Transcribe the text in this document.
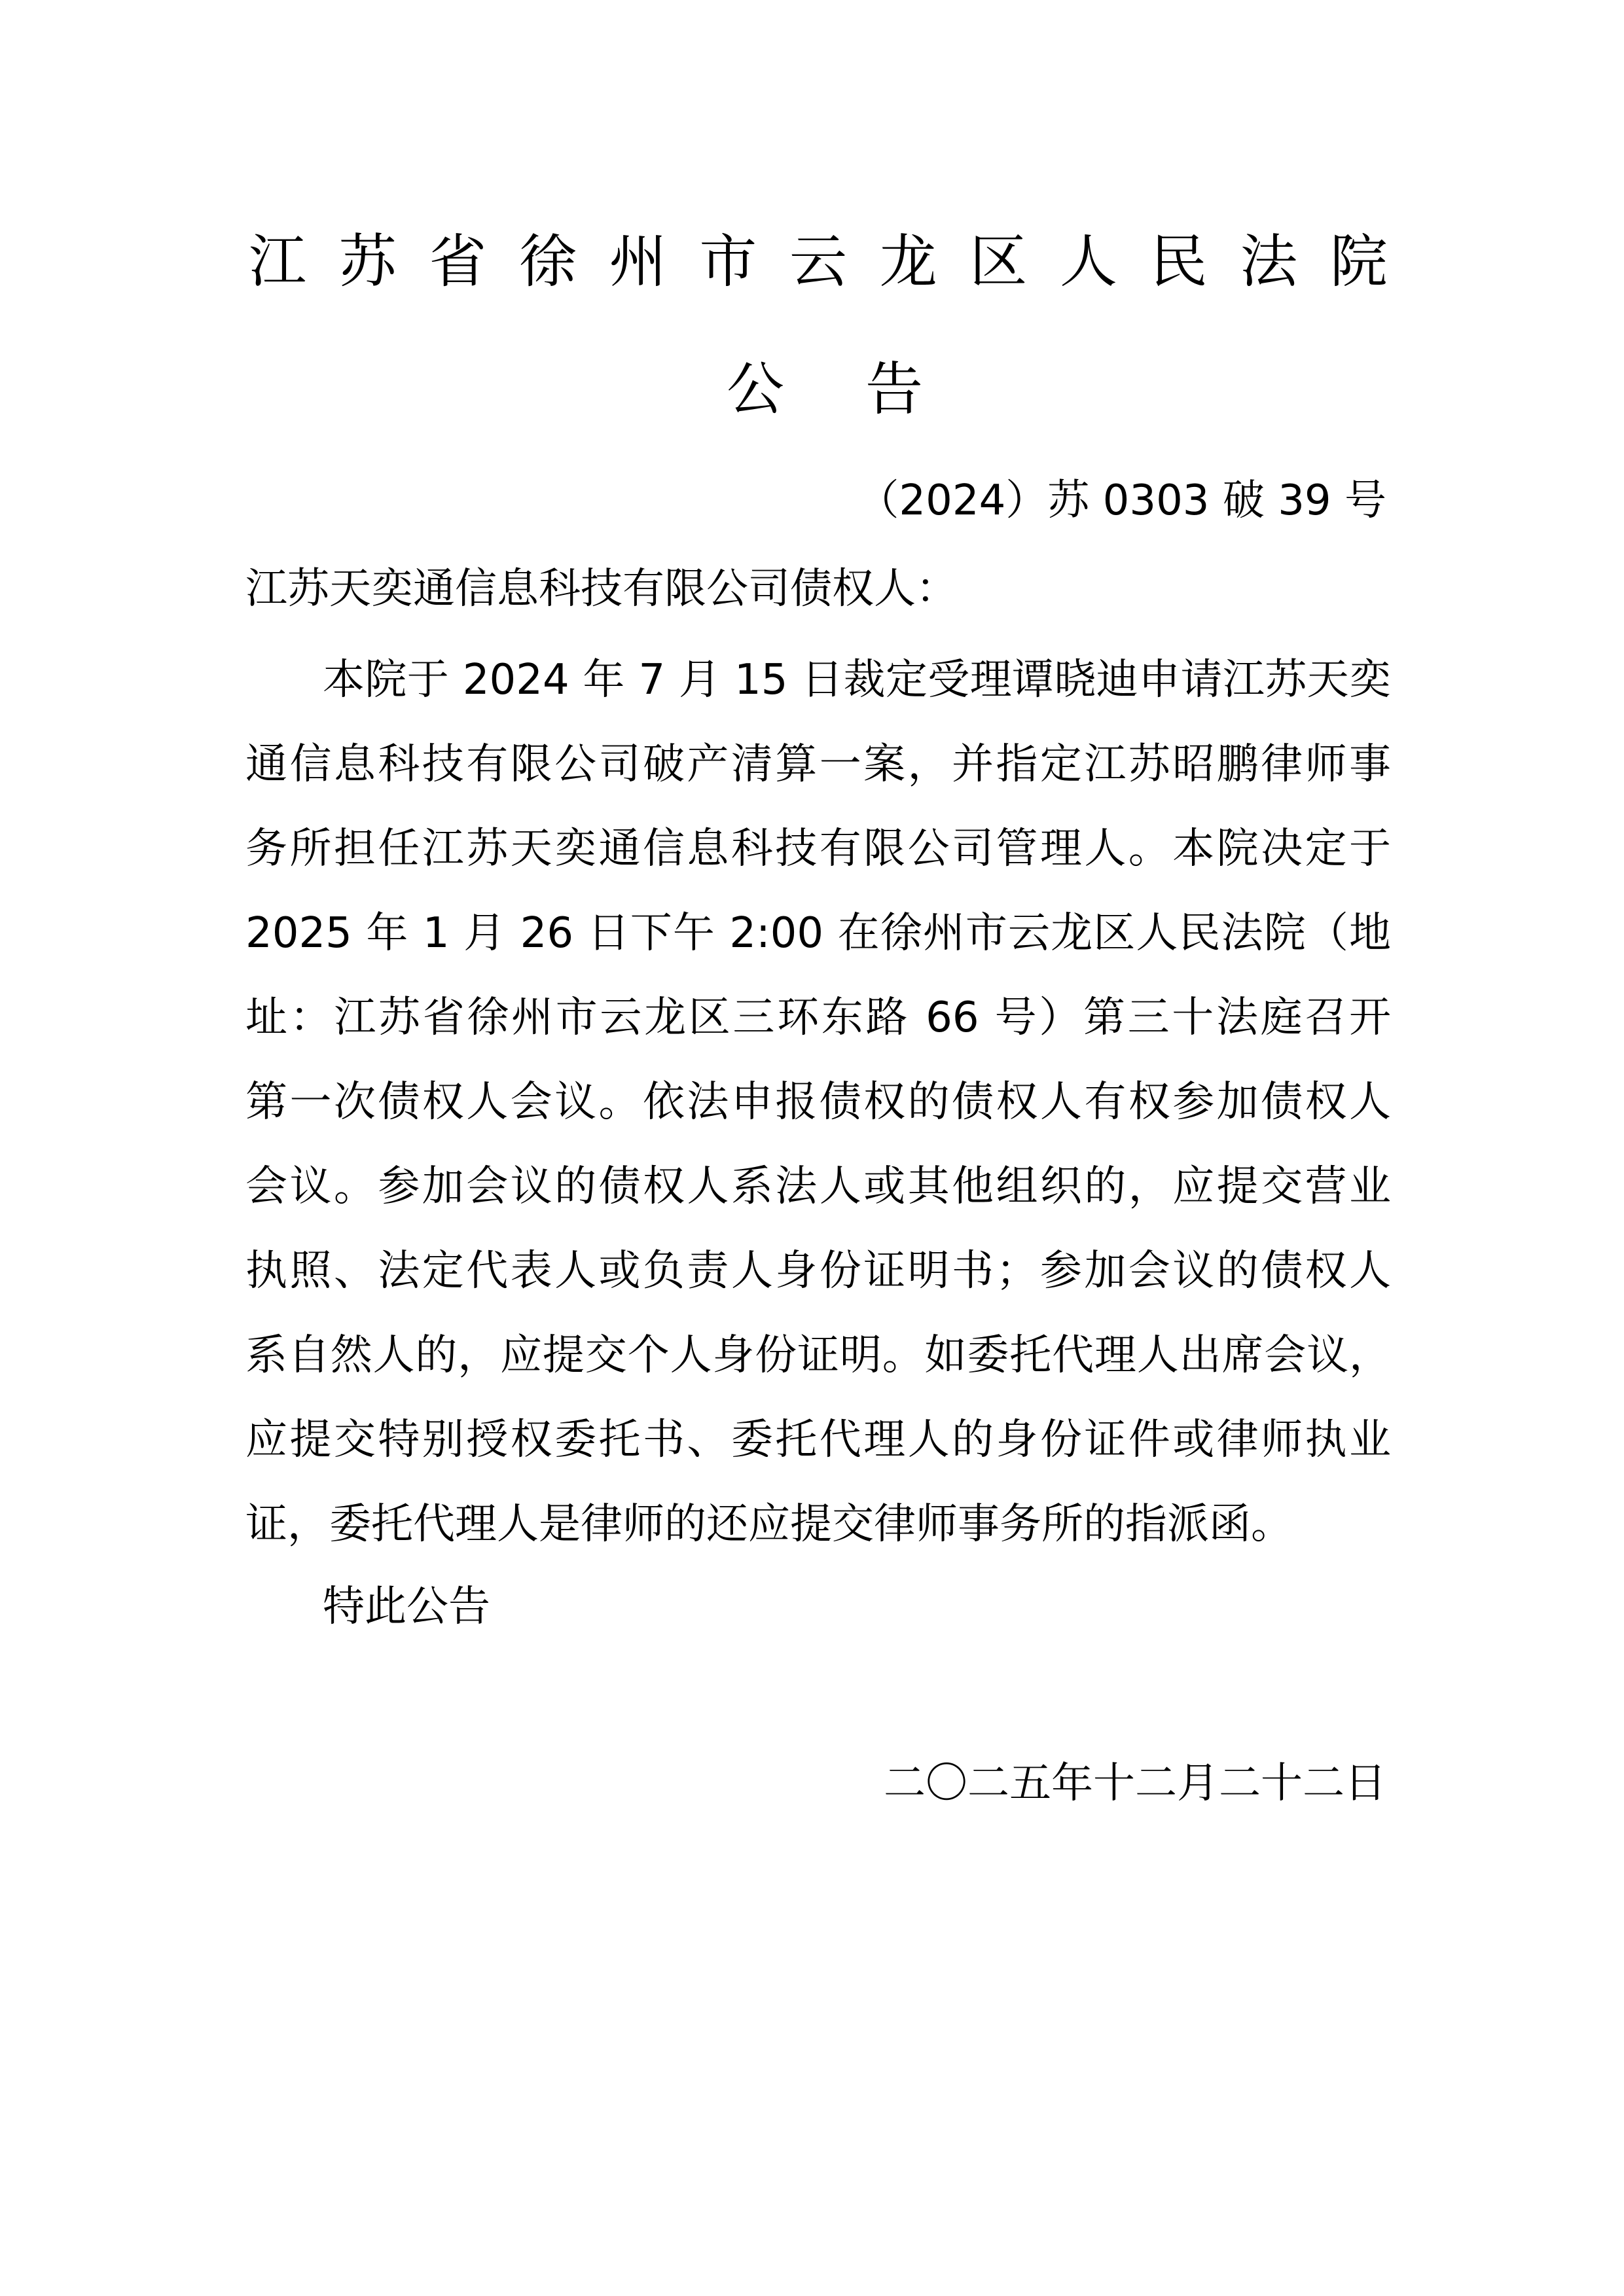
江 苏 省 徐 州 市 云 龙 区 人 民 法 院
公 告
（2024）苏 0303 破 39 号
江苏天奕通信息科技有限公司债权人：
本院于 2024 年 7 月 15 日裁定受理谭晓迪申请江苏天奕
通信息科技有限公司破产清算一案，并指定江苏昭鹏律师事
务所担任江苏天奕通信息科技有限公司管理人。本院决定于
2025 年 1 月 26 日下午 2:00 在徐州市云龙区人民法院（地
址：江苏省徐州市云龙区三环东路 66 号）第三十法庭召开
第一次债权人会议。依法申报债权的债权人有权参加债权人
会议。参加会议的债权人系法人或其他组织的，应提交营业
执照、法定代表人或负责人身份证明书；参加会议的债权人
系自然人的，应提交个人身份证明。如委托代理人出席会议，
应提交特别授权委托书、委托代理人的身份证件或律师执业
证，委托代理人是律师的还应提交律师事务所的指派函。
特此公告
二〇二五年十二月二十二日
